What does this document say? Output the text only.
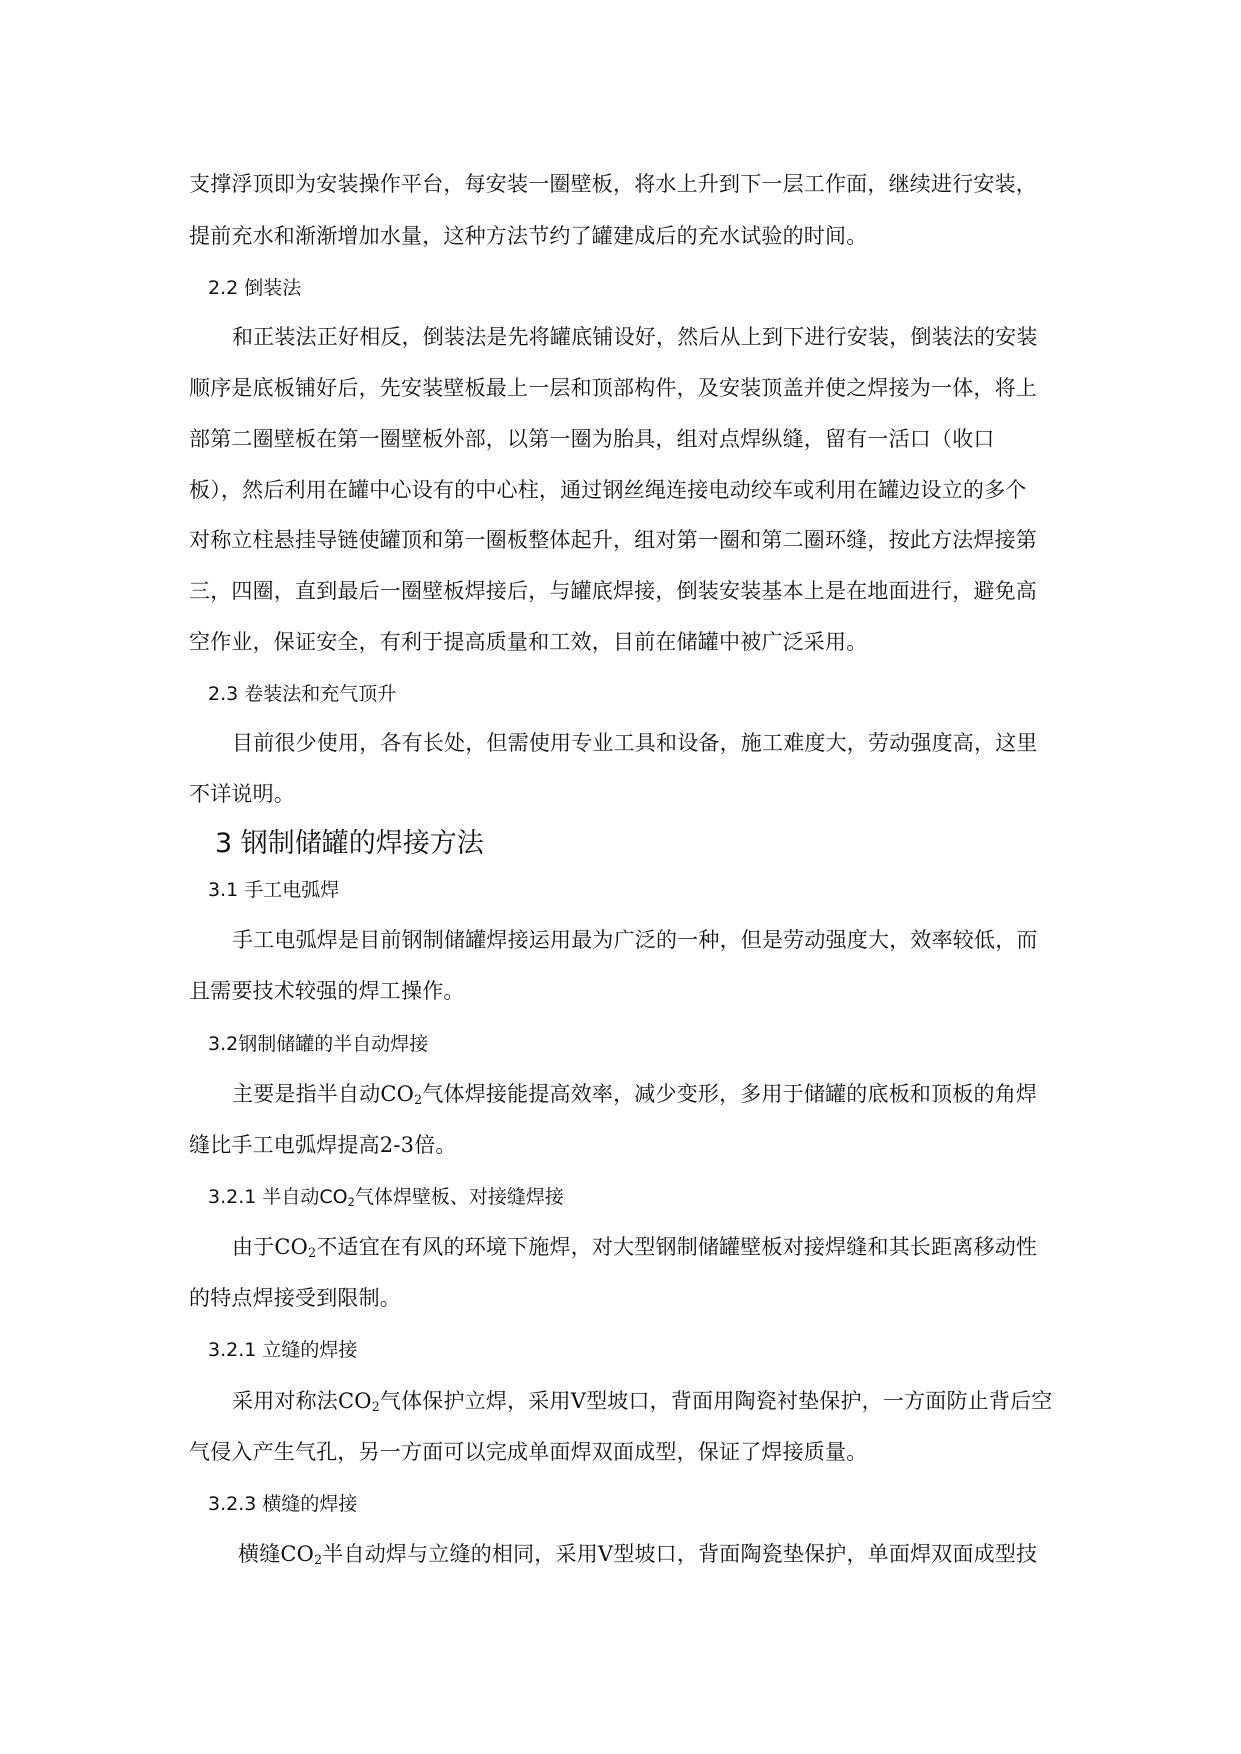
支撑浮顶即为安装操作平台，每安装一圈壁板，将水上升到下一层工作面，继续进行安装，
提前充水和渐渐增加水量，这种方法节约了罐建成后的充水试验的时间。
2.2 倒装法
和正装法正好相反，倒装法是先将罐底铺设好，然后从上到下进行安装，倒装法的安装
顺序是底板铺好后，先安装壁板最上一层和顶部构件，及安装顶盖并使之焊接为一体，将上
部第二圈壁板在第一圈壁板外部，以第一圈为胎具，组对点焊纵缝，留有一活口（收口
板），然后利用在罐中心设有的中心柱，通过钢丝绳连接电动绞车或利用在罐边设立的多个
对称立柱悬挂导链使罐顶和第一圈板整体起升，组对第一圈和第二圈环缝，按此方法焊接第
三，四圈，直到最后一圈壁板焊接后，与罐底焊接，倒装安装基本上是在地面进行，避免高
空作业，保证安全，有利于提高质量和工效，目前在储罐中被广泛采用。
2.3 卷装法和充气顶升
目前很少使用，各有长处，但需使用专业工具和设备，施工难度大，劳动强度高，这里
不详说明。
3 钢制储罐的焊接方法
3.1 手工电弧焊
手工电弧焊是目前钢制储罐焊接运用最为广泛的一种，但是劳动强度大，效率较低，而
且需要技术较强的焊工操作。
3.2钢制储罐的半自动焊接
主要是指半自动$CO_2$气体焊接能提高效率，减少变形，多用于储罐的底板和顶板的角焊
缝比手工电弧焊提高2-3倍。
3.2.1 半自动$CO_2$气体焊壁板、对接缝焊接
由于$CO_2$不适宜在有风的环境下施焊，对大型钢制储罐壁板对接焊缝和其长距离移动性
的特点焊接受到限制。
3.2.1 立缝的焊接
采用对称法$CO_2$气体保护立焊，采用V型坡口，背面用陶瓷衬垫保护，一方面防止背后空
气侵入产生气孔，另一方面可以完成单面焊双面成型，保证了焊接质量。
3.2.3 横缝的焊接
横缝$CO_2$半自动焊与立缝的相同，采用V型坡口，背面陶瓷垫保护，单面焊双面成型技
